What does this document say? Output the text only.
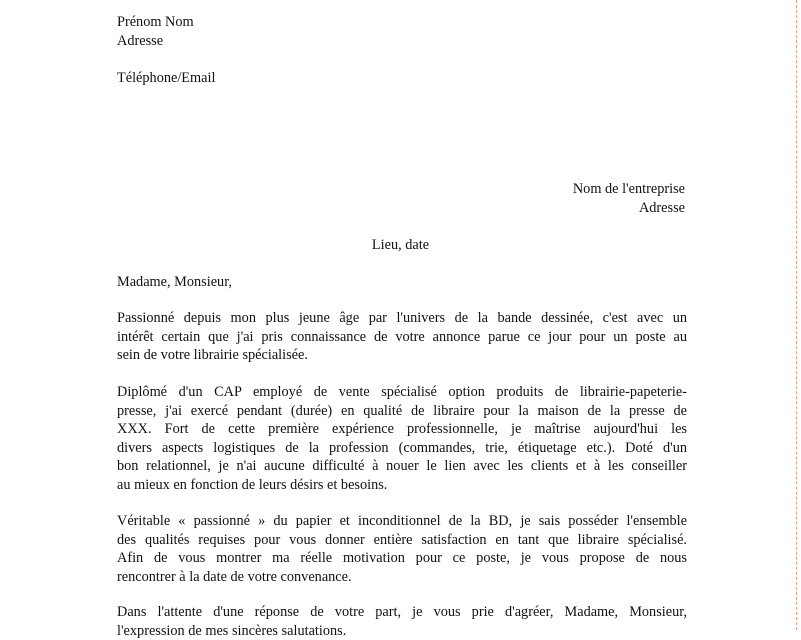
Prénom Nom
Adresse
Téléphone/Email
Nom de l'entreprise
Adresse
Lieu, date
Madame, Monsieur,
Passionné depuis mon plus jeune âge par l'univers de la bande dessinée, c'est avec un
intérêt certain que j'ai pris connaissance de votre annonce parue ce jour pour un poste au
sein de votre librairie spécialisée.
Diplômé d'un CAP employé de vente spécialisé option produits de librairie-papeterie-
presse, j'ai exercé pendant (durée) en qualité de libraire pour la maison de la presse de
XXX. Fort de cette première expérience professionnelle, je maîtrise aujourd'hui les
divers aspects logistiques de la profession (commandes, trie, étiquetage etc.). Doté d'un
bon relationnel, je n'ai aucune difficulté à nouer le lien avec les clients et à les conseiller
au mieux en fonction de leurs désirs et besoins.
Véritable « passionné » du papier et inconditionnel de la BD, je sais posséder l'ensemble
des qualités requises pour vous donner entière satisfaction en tant que libraire spécialisé.
Afin de vous montrer ma réelle motivation pour ce poste, je vous propose de nous
rencontrer à la date de votre convenance.
Dans l'attente d'une réponse de votre part, je vous prie d'agréer, Madame, Monsieur,
l'expression de mes sincères salutations.
